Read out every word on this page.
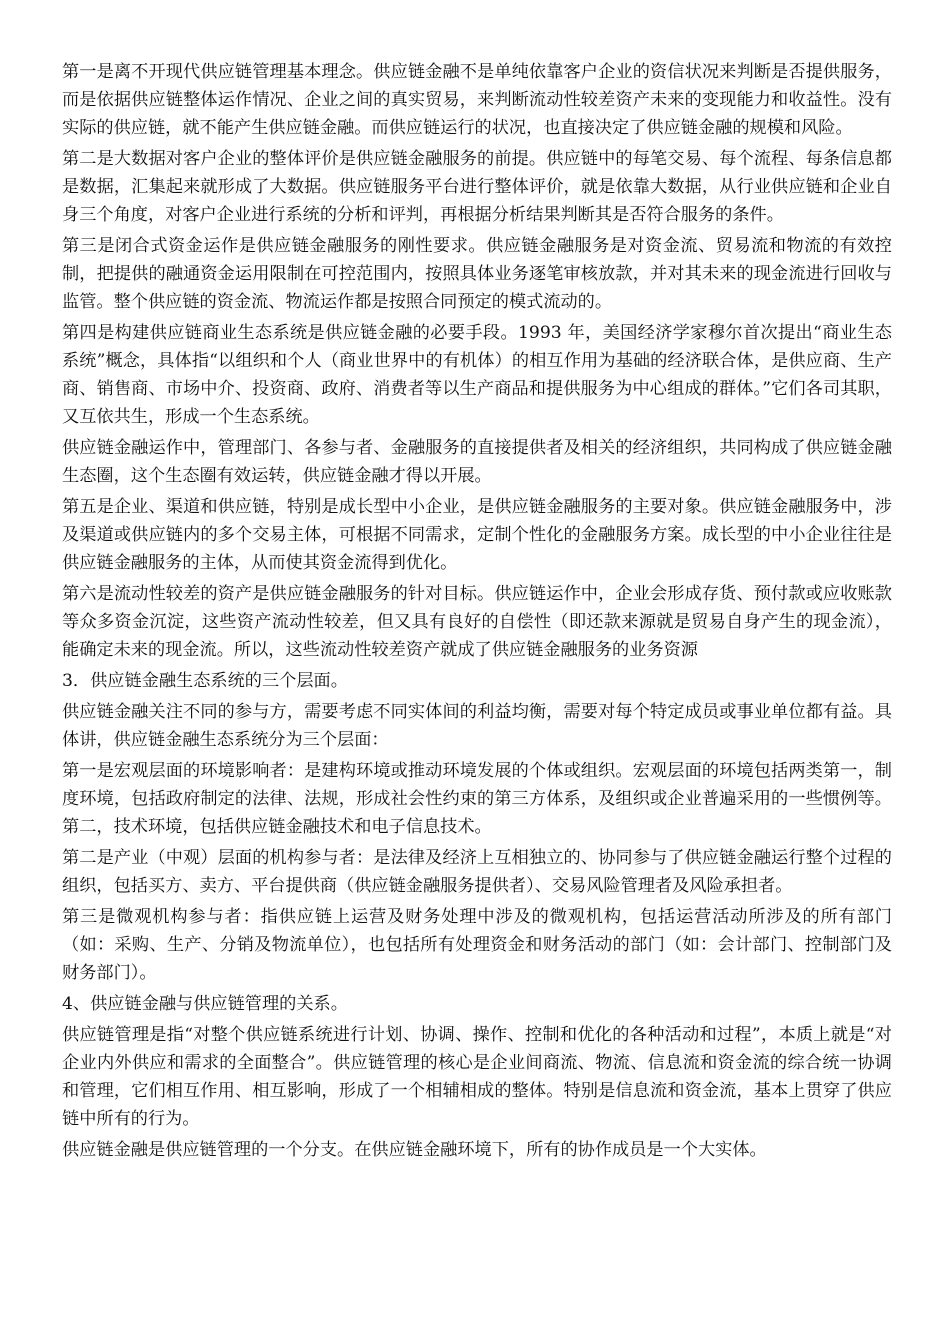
第一是离不开现代供应链管理基本理念。供应链金融不是单纯依靠客户企业的资信状况来判断是否提供服务，而是依据供应链整体运作情况、企业之间的真实贸易，来判断流动性较差资产未来的变现能力和收益性。没有实际的供应链，就不能产生供应链金融。而供应链运行的状况，也直接决定了供应链金融的规模和风险。

第二是大数据对客户企业的整体评价是供应链金融服务的前提。供应链中的每笔交易、每个流程、每条信息都是数据，汇集起来就形成了大数据。供应链服务平台进行整体评价，就是依靠大数据，从行业供应链和企业自身三个角度，对客户企业进行系统的分析和评判，再根据分析结果判断其是否符合服务的条件。

第三是闭合式资金运作是供应链金融服务的刚性要求。供应链金融服务是对资金流、贸易流和物流的有效控制，把提供的融通资金运用限制在可控范围内，按照具体业务逐笔审核放款，并对其未来的现金流进行回收与监管。整个供应链的资金流、物流运作都是按照合同预定的模式流动的。

第四是构建供应链商业生态系统是供应链金融的必要手段。1993 年，美国经济学家穆尔首次提出“商业生态系统”概念，具体指“以组织和个人（商业世界中的有机体）的相互作用为基础的经济联合体，是供应商、生产商、销售商、市场中介、投资商、政府、消费者等以生产商品和提供服务为中心组成的群体。”它们各司其职，又互依共生，形成一个生态系统。

供应链金融运作中，管理部门、各参与者、金融服务的直接提供者及相关的经济组织，共同构成了供应链金融生态圈，这个生态圈有效运转，供应链金融才得以开展。

第五是企业、渠道和供应链，特别是成长型中小企业，是供应链金融服务的主要对象。供应链金融服务中，涉及渠道或供应链内的多个交易主体，可根据不同需求，定制个性化的金融服务方案。成长型的中小企业往往是供应链金融服务的主体，从而使其资金流得到优化。

第六是流动性较差的资产是供应链金融服务的针对目标。供应链运作中，企业会形成存货、预付款或应收账款等众多资金沉淀，这些资产流动性较差，但又具有良好的自偿性（即还款来源就是贸易自身产生的现金流），能确定未来的现金流。所以，这些流动性较差资产就成了供应链金融服务的业务资源

3．供应链金融生态系统的三个层面。

供应链金融关注不同的参与方，需要考虑不同实体间的利益均衡，需要对每个特定成员或事业单位都有益。具体讲，供应链金融生态系统分为三个层面：

第一是宏观层面的环境影响者：是建构环境或推动环境发展的个体或组织。宏观层面的环境包括两类第一，制度环境，包括政府制定的法律、法规，形成社会性约束的第三方体系，及组织或企业普遍采用的一些惯例等。第二，技术环境，包括供应链金融技术和电子信息技术。

第二是产业（中观）层面的机构参与者：是法律及经济上互相独立的、协同参与了供应链金融运行整个过程的组织，包括买方、卖方、平台提供商（供应链金融服务提供者）、交易风险管理者及风险承担者。

第三是微观机构参与者：指供应链上运营及财务处理中涉及的微观机构，包括运营活动所涉及的所有部门（如：采购、生产、分销及物流单位），也包括所有处理资金和财务活动的部门（如：会计部门、控制部门及财务部门）。

4、供应链金融与供应链管理的关系。

供应链管理是指“对整个供应链系统进行计划、协调、操作、控制和优化的各种活动和过程”，本质上就是“对企业内外供应和需求的全面整合”。供应链管理的核心是企业间商流、物流、信息流和资金流的综合统一协调和管理，它们相互作用、相互影响，形成了一个相辅相成的整体。特别是信息流和资金流，基本上贯穿了供应链中所有的行为。

供应链金融是供应链管理的一个分支。在供应链金融环境下，所有的协作成员是一个大实体。
